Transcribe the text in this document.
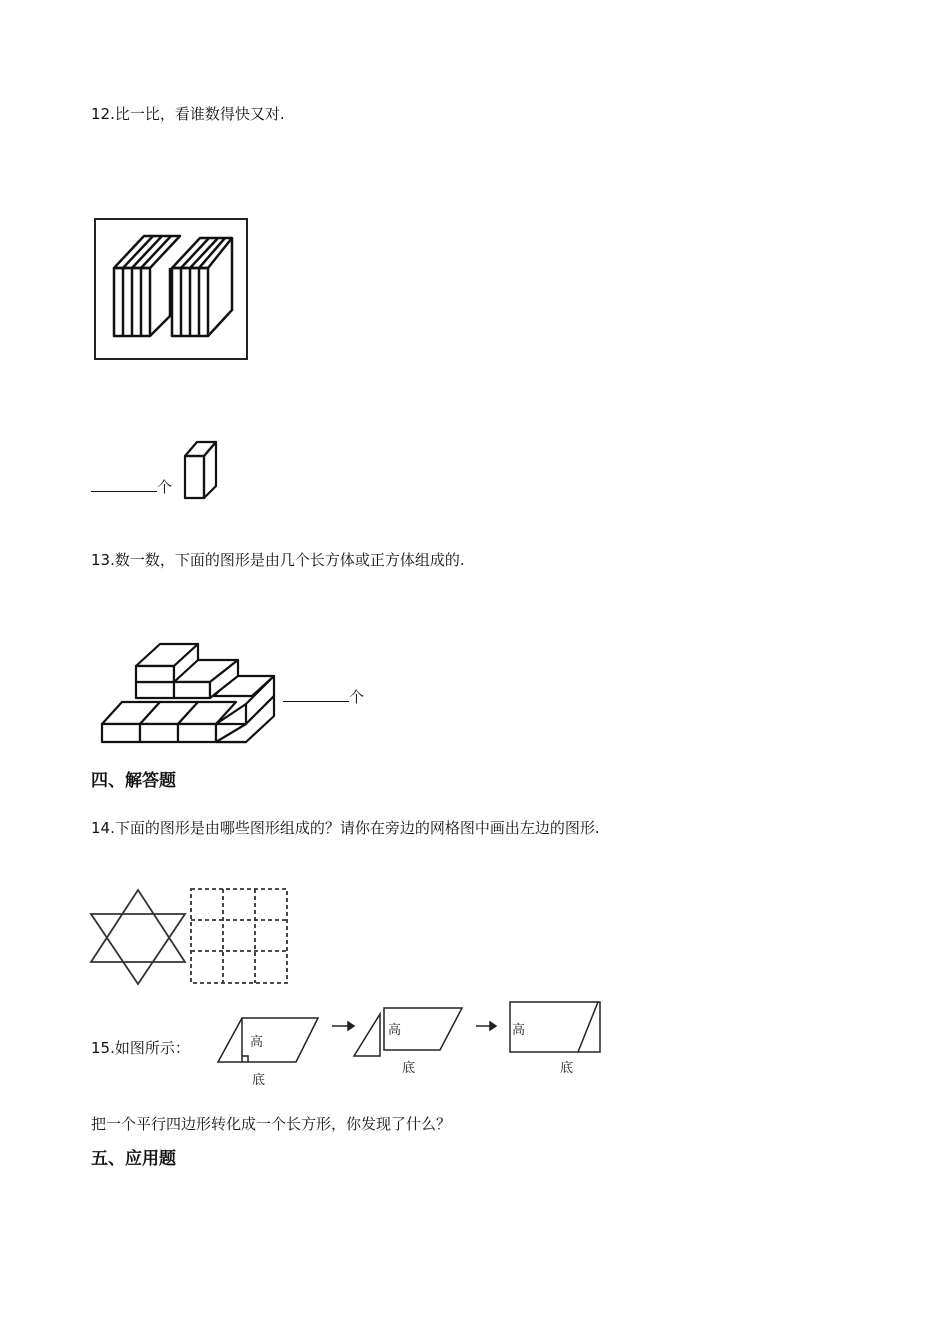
12.比一比，看谁数得快又对.
个
13.数一数，下面的图形是由几个长方体或正方体组成的.
个
四、解答题
14.下面的图形是由哪些图形组成的？请你在旁边的网格图中画出左边的图形.
15.如图所示：	高
底
高
底
高
底
把一个平行四边形转化成一个长方形，你发现了什么？
五、应用题
